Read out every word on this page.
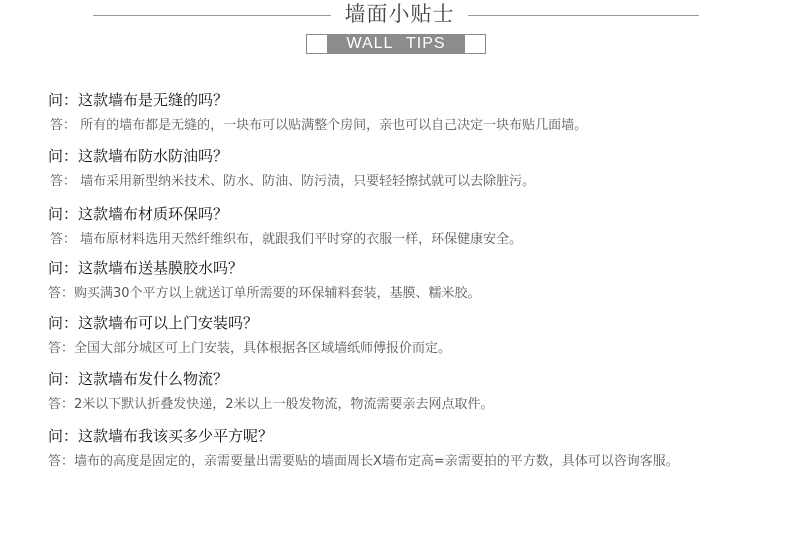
墙面小贴士
WALL TIPS

问：这款墙布是无缝的吗？

答： 所有的墙布都是无缝的，一块布可以贴满整个房间，亲也可以自己决定一块布贴几面墙。

问：这款墙布防水防油吗？

答： 墙布采用新型纳米技术、防水、防油、防污渍，只要轻轻擦拭就可以去除脏污。

问：这款墙布材质环保吗？

答： 墙布原材料选用天然纤维织布，就跟我们平时穿的衣服一样，环保健康安全。

问：这款墙布送基膜胶水吗？

答：购买满30个平方以上就送订单所需要的环保辅料套装，基膜、糯米胶。

问：这款墙布可以上门安装吗？

答：全国大部分城区可上门安装，具体根据各区域墙纸师傅报价而定。

问：这款墙布发什么物流？

答：2米以下默认折叠发快递，2米以上一般发物流，物流需要亲去网点取件。

问：这款墙布我该买多少平方呢？

答：墙布的高度是固定的，亲需要量出需要贴的墙面周长X墙布定高=亲需要拍的平方数，具体可以咨询客服。
